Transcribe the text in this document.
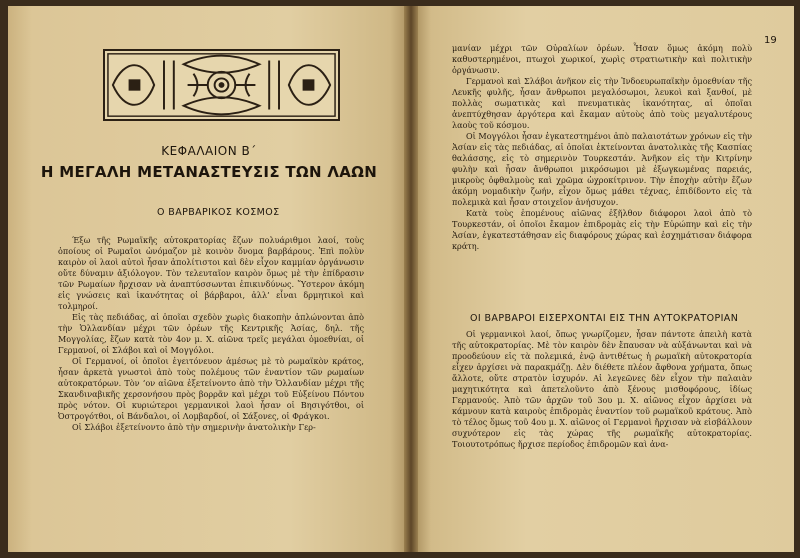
ΚΕΦΑΛΑΙΟΝ Β΄
Η ΜΕΓΑΛΗ ΜΕΤΑΝΑΣΤΕΥΣΙΣ ΤΩΝ ΛΑΩΝ
Ο ΒΑΡΒΑΡΙΚΟΣ ΚΟΣΜΟΣ

Έξω τῆς Ρωμαϊκῆς αὐτοκρατορίας ἔζων πολυάριθμοι λαοί, τοὺς ὁποίους οἱ Ρωμαῖοι ὠνόμαζον μὲ κοινὸν ὄνομα βαρβάρους. Ἐπὶ πολὺν καιρὸν οἱ λαοὶ αὐτοὶ ἦσαν ἀπολίτιστοι καὶ δὲν εἶχον καμμίαν ὀργάνωσιν οὔτε δύναμιν ἀξιόλογον. Τὸν τελευταῖον καιρὸν ὅμως μὲ τὴν ἐπίδρασιν τῶν Ρωμαίων ἤρχισαν νὰ ἀναπτύσσωνται ἐπικινδύνως. Ὕστερον ἀκόμη εἰς γνώσεις καὶ ἱκανότητας οἱ βάρβαροι, ἀλλ’ εἶναι δρμητικοὶ καὶ τολμηροί.

Εἰς τὰς πεδιάδας, αἱ ὁποῖαι σχεδὸν χωρὶς διακοπὴν ἁπλώνονται ἀπὸ τὴν Ὁλλανδίαν μέχρι τῶν ὀρέων τῆς Κεντρικῆς Ἀσίας, δηλ. τῆς Μογγολίας, ἔζων κατὰ τὸν 4ον μ. Χ. αἰῶνα τρεῖς μεγάλαι ὁμοεθνίαι, οἱ Γερμανοί, οἱ Σλάβοι καὶ οἱ Μογγόλοι.

Οἱ Γερμανοί, οἱ ὁποῖοι ἐγειτόνευον ἀμέσως μὲ τὸ ρωμαϊκὸν κράτος, ἦσαν ἀρκετὰ γνωστοὶ ἀπὸ τοὺς πολέμους τῶν ἐναντίον τῶν ρωμαίων αὐτοκρατόρων. Τὸν ‘ον αἰῶνα ἐξετείνοντο ἀπὸ τὴν Ὁλλανδίαν μέχρι τῆς Σκανδιναβικῆς χερσονήσου πρὸς βορρᾶν καὶ μέχρι τοῦ Εὐξείνου Πόντου πρὸς νότον. Οἱ κυριώτεροι γερμανικοὶ λαοὶ ἦσαν οἱ Βησιγότθοι, οἱ Ὀστρογότθοι, οἱ Βάνδαλοι, οἱ Λομβαρδοί, οἱ Σάξονες, οἱ Φράγκοι.

Οἱ Σλάβοι ἐξετείνοντο ἀπὸ τὴν σημερινὴν ἀνατολικὴν Γερ-

19

μανίαν μέχρι τῶν Οὐραλίων ὀρέων. Ἦσαν ὅμως ἀκόμη πολὺ καθυστερημένοι, πτωχοὶ χωρικοί, χωρὶς στρατιωτικὴν καὶ πολιτικὴν ὀργάνωσιν.

Γερμανοὶ καὶ Σλάβοι ἀνῆκον εἰς τὴν Ἰνδοευρωπαϊκὴν ὁμοεθνίαν τῆς Λευκῆς φυλῆς, ἦσαν ἄνθρωποι μεγαλόσωμοι, λευκοὶ καὶ ξανθοί, μὲ πολλὰς σωματικὰς καὶ πνευματικὰς ἱκανότητας, αἱ ὁποῖαι ἀνεπτύχθησαν ἀργότερα καὶ ἔκαμαν αὐτοὺς ἀπὸ τοὺς μεγαλυτέρους λαοὺς τοῦ κόσμου.

Οἱ Μογγόλοι ἦσαν ἐγκατεστημένοι ἀπὸ παλαιοτάτων χρόνων εἰς τὴν Ἀσίαν εἰς τὰς πεδιάδας, αἱ ὁποῖαι ἐκτείνονται ἀνατολικὰς τῆς Κασπίας θαλάσσης, εἰς τὸ σημερινὸν Τουρκεστάν. Ἀνῆκον εἰς τὴν Κιτρίνην φυλὴν καὶ ἦσαν ἄνθρωποι μικρόσωμοι μὲ ἐξωγκωμένας παρειάς, μικροὺς ὀφθαλμοὺς καὶ χρῶμα ὠχροκίτρινον. Τὴν ἐποχὴν αὐτὴν ἔζων ἀκόμη νομαδικὴν ζωήν, εἶχον ὅμως μάθει τέχνας, ἐπιδίδοντο εἰς τὰ πολεμικὰ καὶ ἦσαν στοιχεῖον ἀνήσυχον.

Κατὰ τοὺς ἑπομένους αἰῶνας ἐξῆλθον διάφοροι λαοὶ ἀπὸ τὸ Τουρκεστάν, οἱ ὁποῖοι ἔκαμον ἐπιδρομὰς εἰς τὴν Εὐρώπην καὶ εἰς τὴν Ἀσίαν, ἐγκατεστάθησαν εἰς διαφόρους χώρας καὶ ἐσχημάτισαν διάφορα κράτη.

ΟΙ ΒΑΡΒΑΡΟΙ ΕΙΣΕΡΧΟΝΤΑΙ ΕΙΣ ΤΗΝ ΑΥΤΟΚΡΑΤΟΡΙΑΝ

Οἱ γερμανικοὶ λαοί, ὅπως γνωρίζομεν, ἦσαν πάντοτε ἀπειλὴ κατὰ τῆς αὐτοκρατορίας. Μὲ τὸν καιρὸν δὲν ἔπαυσαν νὰ αὐξάνωνται καὶ νὰ προοδεύουν εἰς τὰ πολεμικά, ἐνῷ ἀντιθέτως ἡ ρωμαϊκὴ αὐτοκρατορία εἶχεν ἀρχίσει νὰ παρακμάζῃ. Δὲν διέθετε πλέον ἄφθονα χρήματα, ὅπως ἄλλοτε, οὔτε στρατὸν ἰσχυρόν. Αἱ λεγεῶνες δὲν εἶχον τὴν παλαιὰν μαχητικότητα καὶ ἀπετελοῦντο ἀπὸ ξένους μισθοφόρους, ἰδίως Γερμανούς. Ἀπὸ τῶν ἀρχῶν τοῦ 3ου μ. Χ. αἰῶνος εἶχον ἀρχίσει νὰ κάμνουν κατὰ καιροὺς ἐπιδρομὰς ἐναντίον τοῦ ρωμαϊκοῦ κράτους. Ἀπὸ τὸ τέλος ὅμως τοῦ 4ου μ. Χ. αἰῶνος οἱ Γερμανοὶ ἤρχισαν νὰ εἰσβάλλουν συχνότερον εἰς τὰς χώρας τῆς ρωμαϊκῆς αὐτοκρατορίας. Τοιουτοτρόπως ἤρχισε περίοδος ἐπιδρομῶν καὶ ἀνα-
